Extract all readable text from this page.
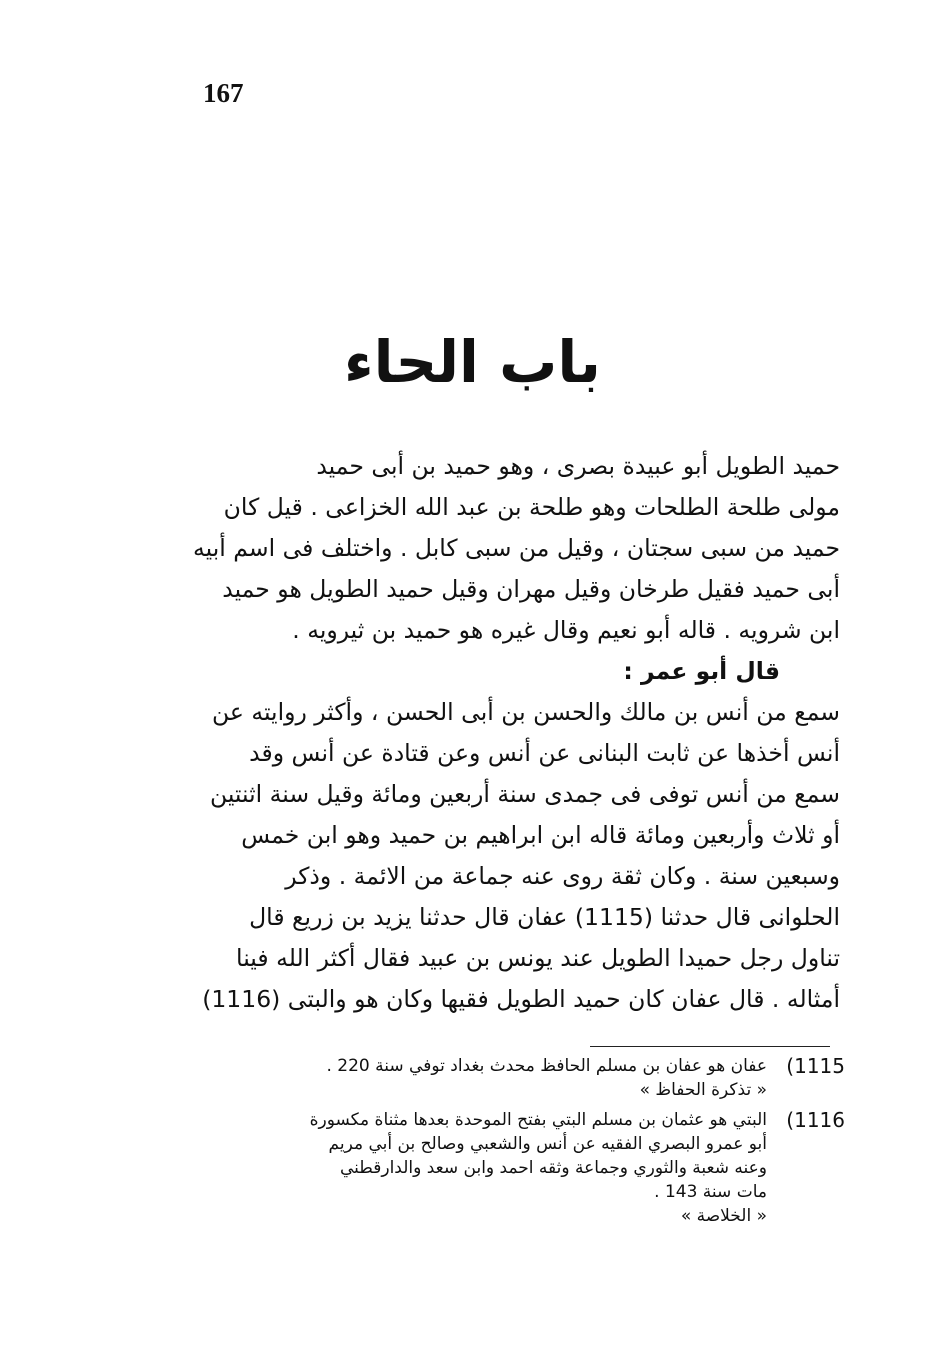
167
باب الحاء
حميد الطويل أبو عبيدة بصرى ، وهو حميد بن أبى حميد
مولى طلحة الطلحات وهو طلحة بن عبد الله الخزاعى . قيل كان
حميد من سبى سجتان ، وقيل من سبى كابل . واختلف فى اسم أبيه
أبى حميد فقيل طرخان وقيل مهران وقيل حميد الطويل هو حميد
ابن شرويه . قاله أبو نعيم وقال غيره هو حميد بن ثيرويه .
قال أبو عمر :
سمع من أنس بن مالك والحسن بن أبى الحسن ، وأكثر روايته عن
أنس أخذها عن ثابت البنانى عن أنس وعن قتادة عن أنس وقد
سمع من أنس توفى فى جمدى سنة أربعين ومائة وقيل سنة اثنتين
أو ثلاث وأربعين ومائة قاله ابن ابراهيم بن حميد وهو ابن خمس
وسبعين سنة . وكان ثقة روى عنه جماعة من الائمة . وذكر
الحلوانى قال حدثنا (1115) عفان قال حدثنا يزيد بن زريع قال
تناول رجل حميدا الطويل عند يونس بن عبيد فقال أكثر الله فينا
أمثاله . قال عفان كان حميد الطويل فقيها وكان هو والبتى (1116)
1115)
عفان هو عفان بن مسلم الحافظ محدث بغداد توفي سنة 220 .
« تذكرة الحفاظ »
1116)
البتي هو عثمان بن مسلم البتي بفتح الموحدة بعدها مثناة مكسورة
أبو عمرو البصري الفقيه عن أنس والشعبي وصالح بن أبي مريم
وعنه شعبة والثوري وجماعة وثقه احمد وابن سعد والدارقطني
مات سنة 143 .
« الخلاصة »
